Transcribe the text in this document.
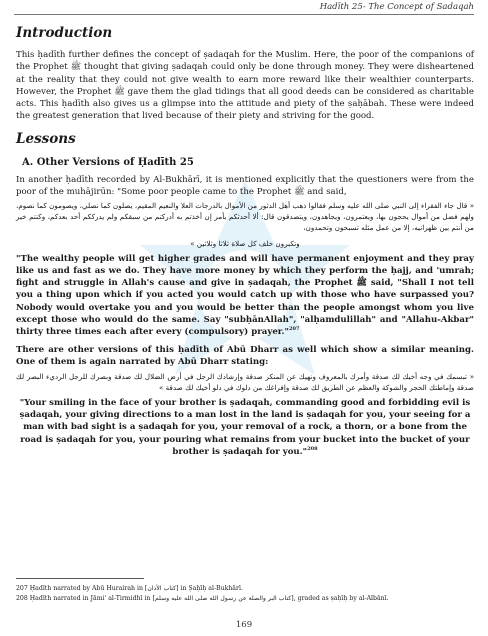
Hadīth 25- The Concept of Sadaqah
Introduction

This ḥadīth further defines the concept of ṣadaqah for the Muslim. Here, the poor of the companions of the Prophet ﷺ thought that giving ṣadaqah could only be done through money. They were disheartened at the reality that they could not give wealth to earn more reward like their wealthier counterparts. However, the Prophet ﷺ gave them the glad tidings that all good deeds can be considered as charitable acts. This ḥadīth also gives us a glimpse into the attitude and piety of the ṣaḥābah. These were indeed the greatest generation that lived because of their piety and striving for the good.

Lessons
A. Other Versions of Ḥadīth 25

In another ḥadīth recorded by Al-Bukhārī, it is mentioned explicitly that the questioners were from the poor of the muhājirūn: "Some poor people came to the Prophet ﷺ and said,

« قال جاء الفقراء إلى النبي صلى الله عليه وسلم فقالوا ذهب أهل الدثور من الأموال بالدرجات العلا والنعيم المقيم، يصلون كما نصلي، ويصومون كما نصوم، ولهم فضل من أموال يحجون بها، ويعتمرون، ويجاهدون، ويتصدقون قال: ألا أحدثكم بأمر إن أخذتم به أدركتم من سبقكم ولم يدرككم أحد بعدكم، وكنتم خير من أنتم بين ظهرانيه، إلا من عمل مثله تسبحون وتحمدون،
وتكبرون خلف كل صلاة ثلاثا وثلاثين »

"The wealthy people will get higher grades and will have permanent enjoyment and they pray like us and fast as we do. They have more money by which they perform the ḥajj, and 'umrah; fight and struggle in Allah's cause and give in ṣadaqah, the Prophet ﷺ said, "Shall I not tell you a thing upon which if you acted you would catch up with those who have surpassed you? Nobody would overtake you and you would be better than the people amongst whom you live except those who would do the same. Say "subḥānAllah", "alḥamdulillah" and "Allahu-Akbar" thirty three times each after every (compulsory) prayer."$^{207}$

There are other versions of this ḥadīth of Abū Dharr as well which show a similar meaning. One of them is again narrated by Abū Dharr stating:

« تبسمك في وجه أخيك لك صدقة وأمرك بالمعروف ونهيك عن المنكر صدقة وإرشادك الرجل في أرض الضلال لك صدقة وبصرك للرجل الرديء البصر لك صدقة وإماطتك الحجر والشوكة والعظم عن الطريق لك صدقة وإفراغك من دلوك في دلو أخيك لك صدقة »

"Your smiling in the face of your brother is ṣadaqah, commanding good and forbidding evil is ṣadaqah, your giving directions to a man lost in the land is ṣadaqah for you, your seeing for a man with bad sight is a ṣadaqah for you, your removal of a rock, a thorn, or a bone from the road is ṣadaqah for you, your pouring what remains from your bucket into the bucket of your brother is ṣadaqah for you."$^{208}$

207 Ḥadīth narrated by Abū Hurairah in [كتاب الأذان] in Ṣaḥīḥ al-Bukhārī.
208 Ḥadīth narrated in Jāmi' al-Tirmidhī in [كتاب البر والصلة عن رسول الله صلى الله عليه وسلم], graded as ṣaḥīḥ by al-Albānī.
169
